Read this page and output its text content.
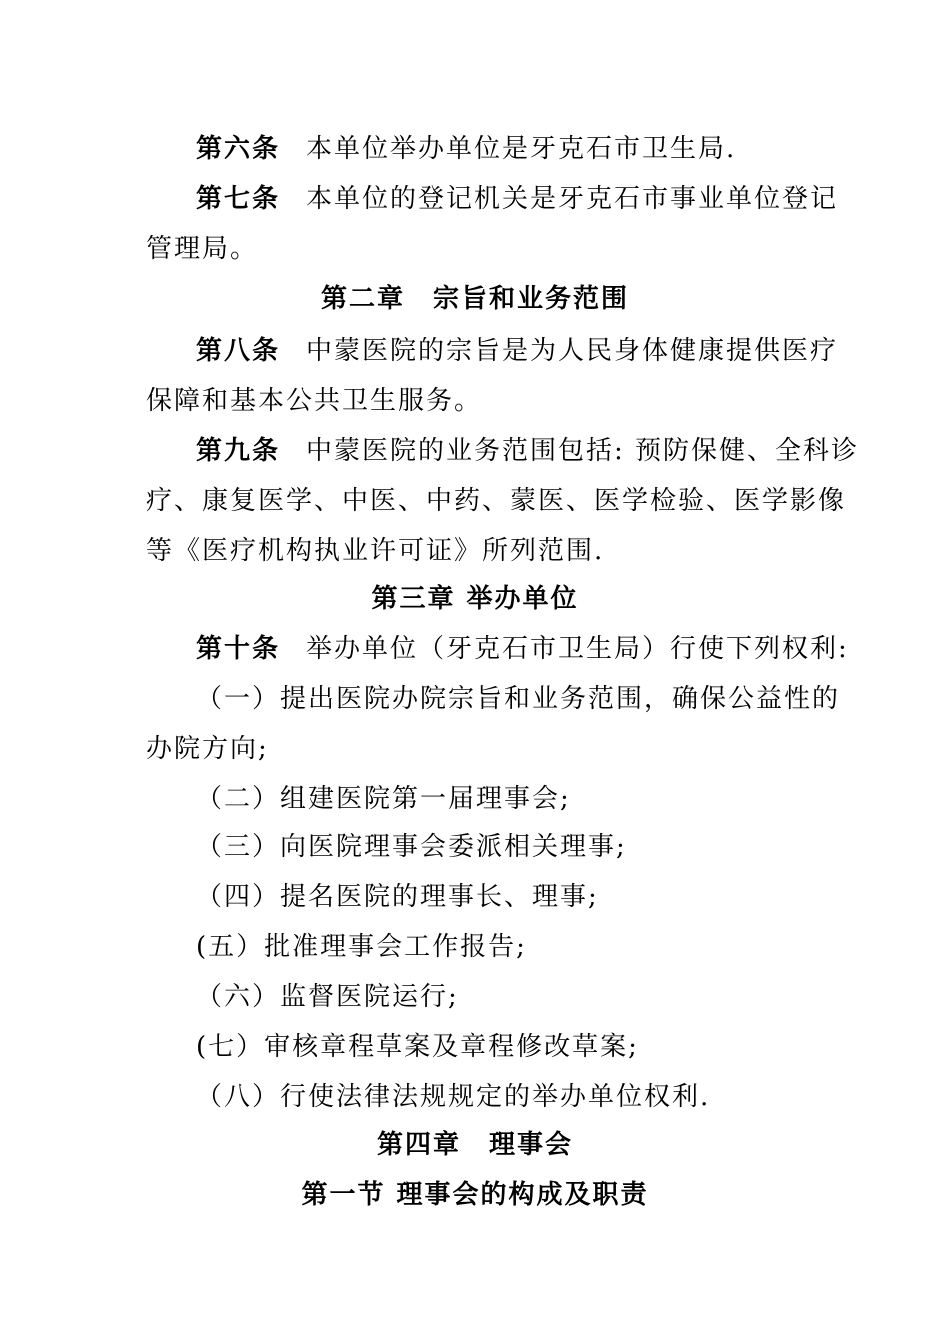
第六条 本单位举办单位是牙克石市卫生局.
第七条 本单位的登记机关是牙克石市事业单位登记
管理局。
第二章　宗旨和业务范围
第八条 中蒙医院的宗旨是为人民身体健康提供医疗
保障和基本公共卫生服务。
第九条 中蒙医院的业务范围包括: 预防保健、全科诊
疗、康复医学、中医、中药、蒙医、医学检验、医学影像
等《医疗机构执业许可证》所列范围.
第三章 举办单位
第十条 举办单位（牙克石市卫生局）行使下列权利:
（一）提出医院办院宗旨和业务范围，确保公益性的
办院方向;
（二）组建医院第一届理事会;
（三）向医院理事会委派相关理事;
（四）提名医院的理事长、理事;
(五）批准理事会工作报告;
（六）监督医院运行;
(七）审核章程草案及章程修改草案;
（八）行使法律法规规定的举办单位权利.
第四章　理事会
第一节 理事会的构成及职责
